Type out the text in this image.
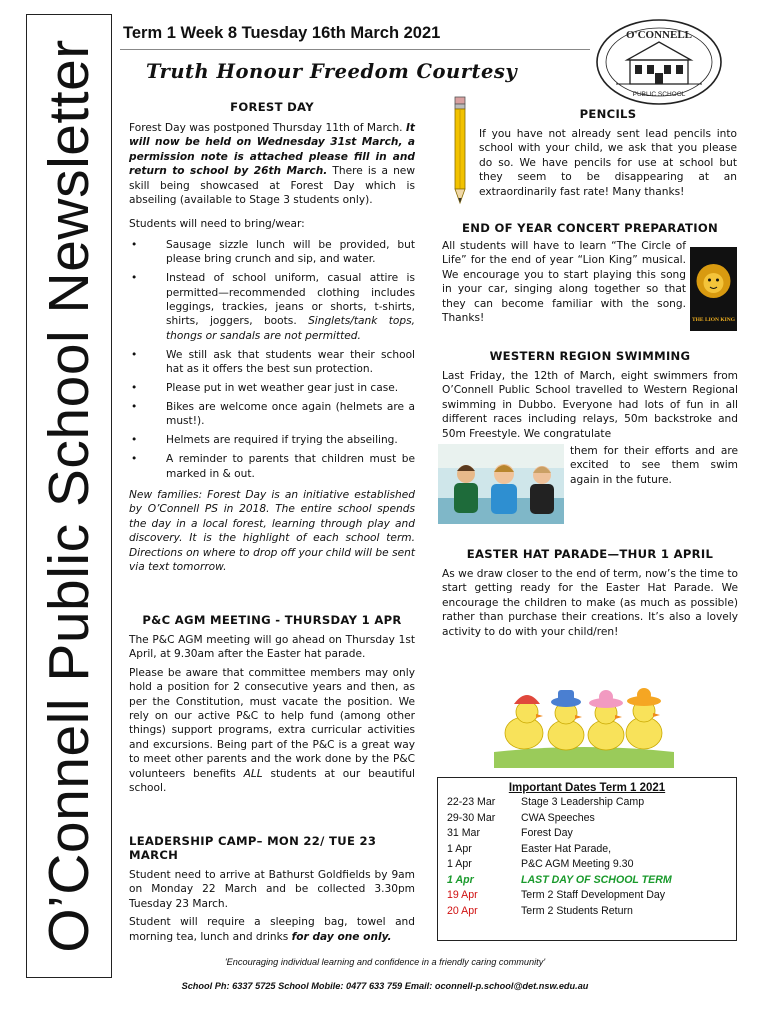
O’Connell Public School Newsletter
Term 1 Week 8 Tuesday 16th March 2021
Truth Honour Freedom Courtesy
O'CONNELL
PUBLIC SCHOOL
FOREST DAY

Forest Day was postponed Thursday 11th of March. It will now be held on Wednesday 31st March, a permission note is attached please fill in and return to school by 26th March. There is a new skill being showcased at Forest Day which is abseiling (available to Stage 3 students only).

Students will need to bring/wear:

• Sausage sizzle lunch will be provided, but please bring crunch and sip, and water.
• Instead of school uniform, casual attire is permitted—recommended clothing includes leggings, trackies, jeans or shorts, t-shirts, shirts, joggers, boots. Singlets/tank tops, thongs or sandals are not permitted.
• We still ask that students wear their school hat as it offers the best sun protection.
• Please put in wet weather gear just in case.
• Bikes are welcome once again (helmets are a must!).
• Helmets are required if trying the abseiling.
• A reminder to parents that children must be marked in & out.

New families: Forest Day is an initiative established by O’Connell PS in 2018. The entire school spends the day in a local forest, learning through play and discovery. It is the highlight of each school term. Directions on where to drop off your child will be sent via text tomorrow.

P&C AGM MEETING - THURSDAY 1 APR

The P&C AGM meeting will go ahead on Thursday 1st April, at 9.30am after the Easter hat parade.

Please be aware that committee members may only hold a position for 2 consecutive years and then, as per the Constitution, must vacate the position. We rely on our active P&C to help fund (among other things) support programs, extra curricular activities and excursions. Being part of the P&C is a great way to meet other parents and the work done by the P&C volunteers benefits ALL students at our beautiful school.

LEADERSHIP CAMP– MON 22/ TUE 23 MARCH

Student need to arrive at Bathurst Goldfields by 9am on Monday 22 March and be collected 3.30pm Tuesday 23 March.

Student will require a sleeping bag, towel and morning tea, lunch and drinks for day one only.

PENCILS

If you have not already sent lead pencils into school with your child, we ask that you please do so. We have pencils for use at school but they seem to be disappearing at an extraordinarily fast rate! Many thanks!

END OF YEAR CONCERT PREPARATION

All students will have to learn “The Circle of Life” for the end of year “Lion King” musical. We encourage you to start playing this song in your car, singing along together so that they can become familiar with the song. Thanks!	THE LION KING
WESTERN REGION SWIMMING

Last Friday, the 12th of March, eight swimmers from O’Connell Public School travelled to Western Regional swimming in Dubbo. Everyone had lots of fun in all different races including relays, 50m backstroke and 50m Freestyle. We congratulate

them for their efforts and are excited to see them swim again in the future.

EASTER HAT PARADE—THUR 1 APRIL

As we draw closer to the end of term, now’s the time to start getting ready for the Easter Hat Parade. We encourage the children to make (as much as possible) rather than purchase their creations. It’s also a lovely activity to do with your child/ren!

Important Dates Term 1 2021
22-23 Mar	Stage 3 Leadership Camp
29-30 Mar	CWA Speeches
31 Mar	Forest Day
1 Apr	Easter Hat Parade,
1 Apr	P&C AGM Meeting 9.30
1 Apr	LAST DAY OF SCHOOL TERM
19 Apr	Term 2 Staff Development Day
20 Apr	Term 2 Students Return
'Encouraging individual learning and confidence in a friendly caring community'
School Ph: 6337 5725 School Mobile: 0477 633 759 Email: oconnell-p.school@det.nsw.edu.au
